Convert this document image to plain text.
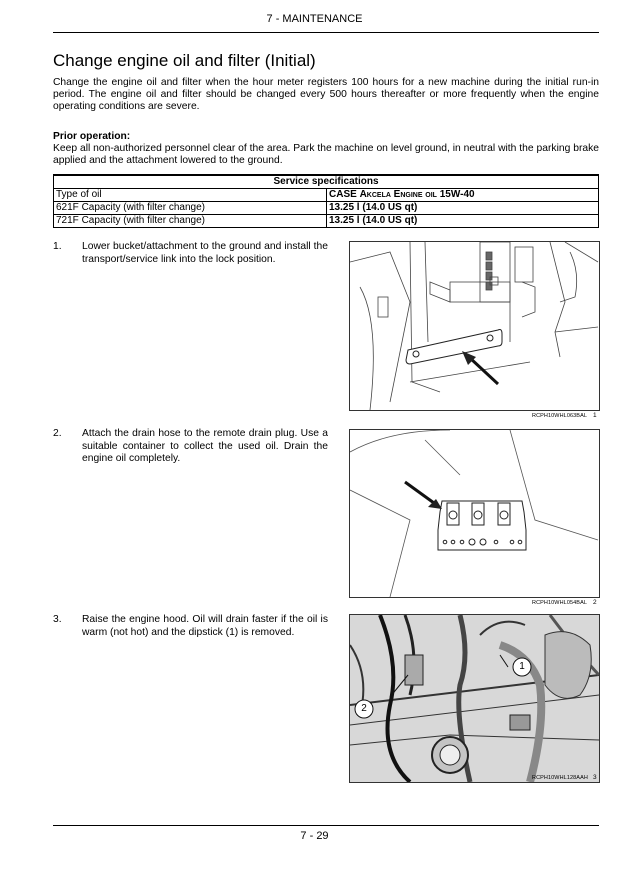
7 - MAINTENANCE
Change engine oil and filter (Initial)
Change the engine oil and filter when the hour meter registers 100 hours for a new machine during the initial run-in period. The engine oil and filter should be changed every 500 hours thereafter or more frequently when the engine operating conditions are severe.
Prior operation:
Keep all non-authorized personnel clear of the area. Park the machine on level ground, in neutral with the parking brake applied and the attachment lowered to the ground.
Service specifications	
Type of oil	CASE Akcela Engine oil 15W-40
621F Capacity (with filter change)	13.25 l (14.0 US qt)
721F Capacity (with filter change)	13.25 l (14.0 US qt)
1. Lower bucket/attachment to the ground and install the transport/service link into the lock position.
RCPH10WHL063BAL 1
2. Attach the drain hose to the remote drain plug. Use a suitable container to collect the used oil. Drain the engine oil completely.
RCPH10WHL054BAL 2
3. Raise the engine hood. Oil will drain faster if the oil is warm (not hot) and the dipstick (1) is removed.
1
2
RCPH10WHL128AAH 3
7 - 29
